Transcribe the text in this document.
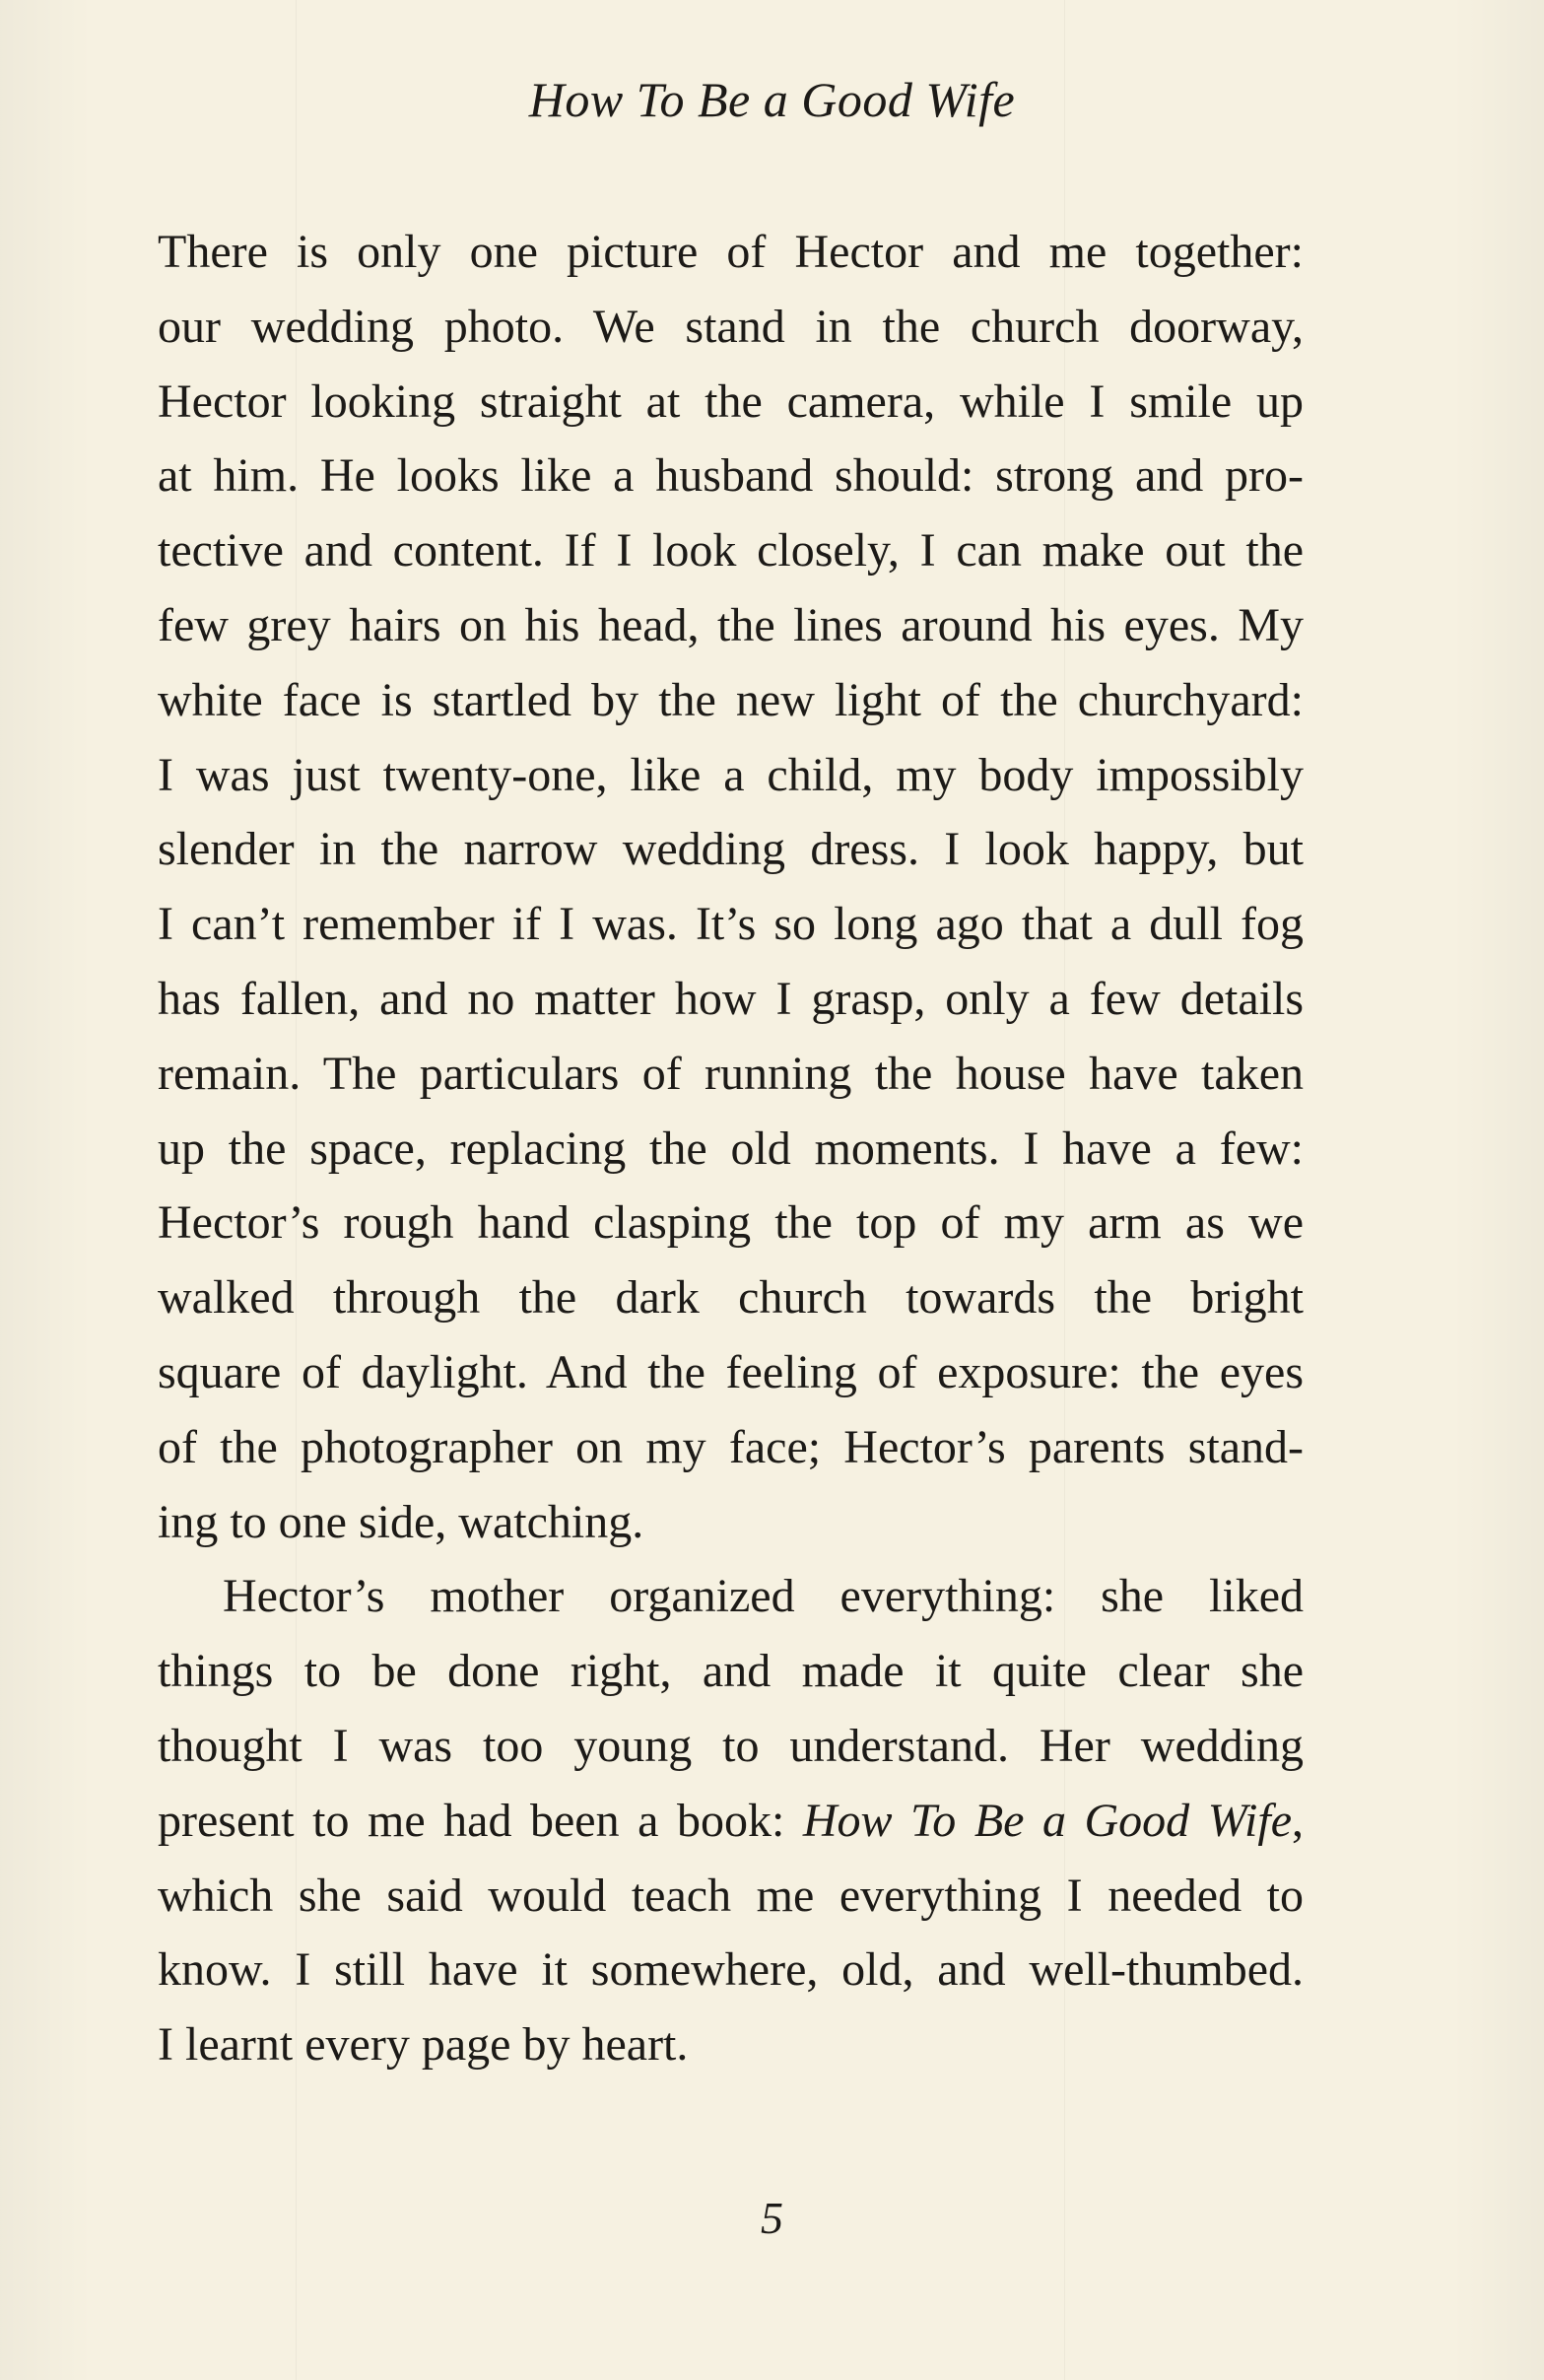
How To Be a Good Wife
There is only one picture of Hector and me together:
our wedding photo. We stand in the church doorway,
Hector looking straight at the camera, while I smile up
at him. He looks like a husband should: strong and pro-
tective and content. If I look closely, I can make out the
few grey hairs on his head, the lines around his eyes. My
white face is startled by the new light of the churchyard:
I was just twenty-one, like a child, my body impossibly
slender in the narrow wedding dress. I look happy, but
I can’t remember if I was. It’s so long ago that a dull fog
has fallen, and no matter how I grasp, only a few details
remain. The particulars of running the house have taken
up the space, replacing the old moments. I have a few:
Hector’s rough hand clasping the top of my arm as we
walked through the dark church towards the bright
square of daylight. And the feeling of exposure: the eyes
of the photographer on my face; Hector’s parents stand-
ing to one side, watching.
Hector’s mother organized everything: she liked
things to be done right, and made it quite clear she
thought I was too young to understand. Her wedding
present to me had been a book: How To Be a Good Wife,
which she said would teach me everything I needed to
know. I still have it somewhere, old, and well-thumbed.
I learnt every page by heart.
5
